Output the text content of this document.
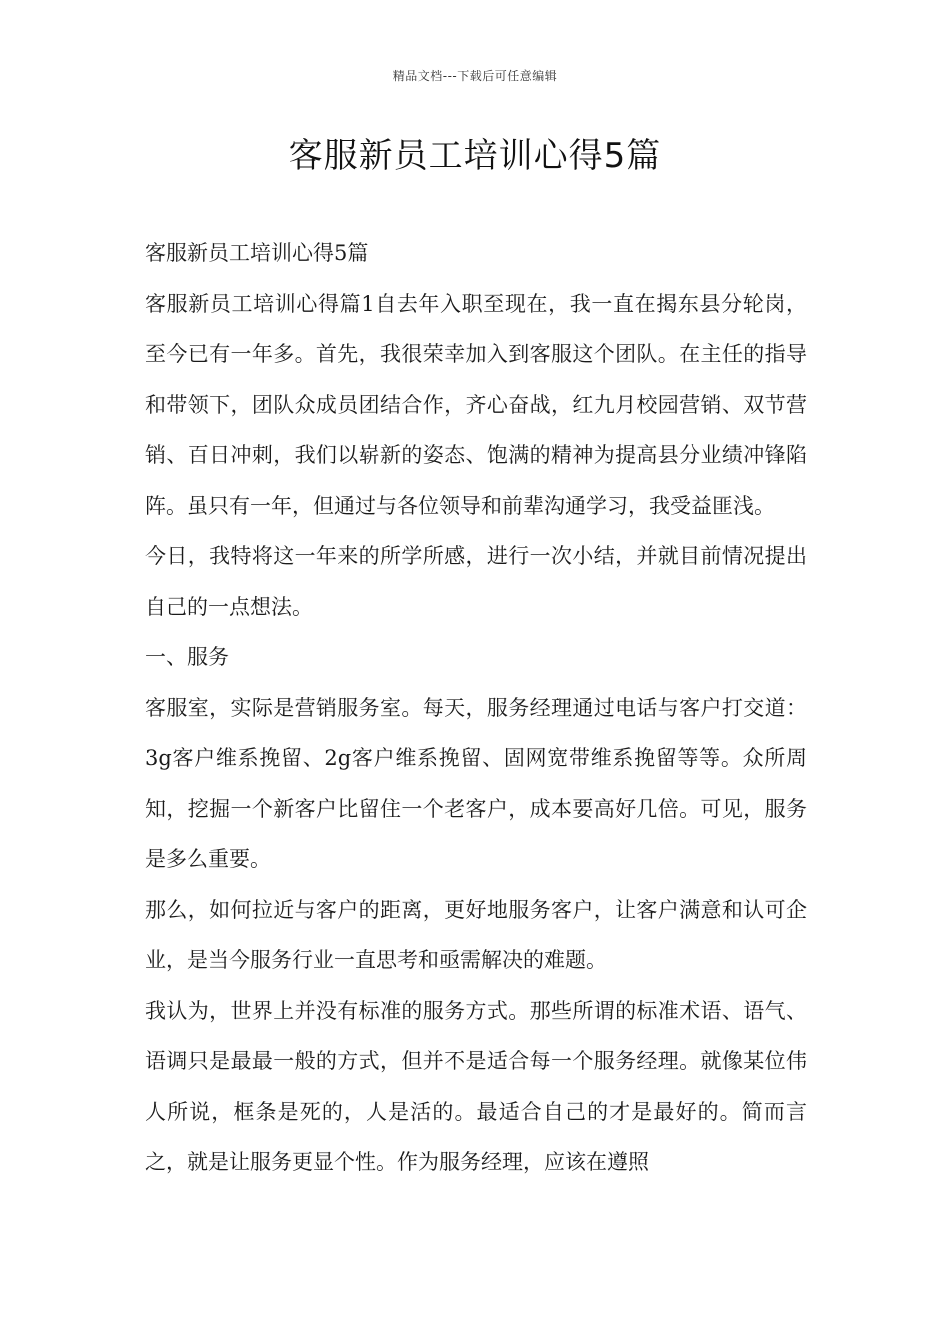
精品文档---下载后可任意编辑
客服新员工培训心得5篇

客服新员工培训心得5篇

客服新员工培训心得篇1自去年入职至现在，我一直在揭东县分轮岗，至今已有一年多。首先，我很荣幸加入到客服这个团队。在主任的指导和带领下，团队众成员团结合作，齐心奋战，红九月校园营销、双节营销、百日冲刺，我们以崭新的姿态、饱满的精神为提高县分业绩冲锋陷阵。虽只有一年，但通过与各位领导和前辈沟通学习，我受益匪浅。

今日，我特将这一年来的所学所感，进行一次小结，并就目前情况提出自己的一点想法。

一、服务

客服室，实际是营销服务室。每天，服务经理通过电话与客户打交道：3g客户维系挽留、2g客户维系挽留、固网宽带维系挽留等等。众所周知，挖掘一个新客户比留住一个老客户，成本要高好几倍。可见，服务是多么重要。

那么，如何拉近与客户的距离，更好地服务客户，让客户满意和认可企业，是当今服务行业一直思考和亟需解决的难题。

我认为，世界上并没有标准的服务方式。那些所谓的标准术语、语气、语调只是最最一般的方式，但并不是适合每一个服务经理。就像某位伟人所说，框条是死的，人是活的。最适合自己的才是最好的。简而言之，就是让服务更显个性。作为服务经理，应该在遵照
